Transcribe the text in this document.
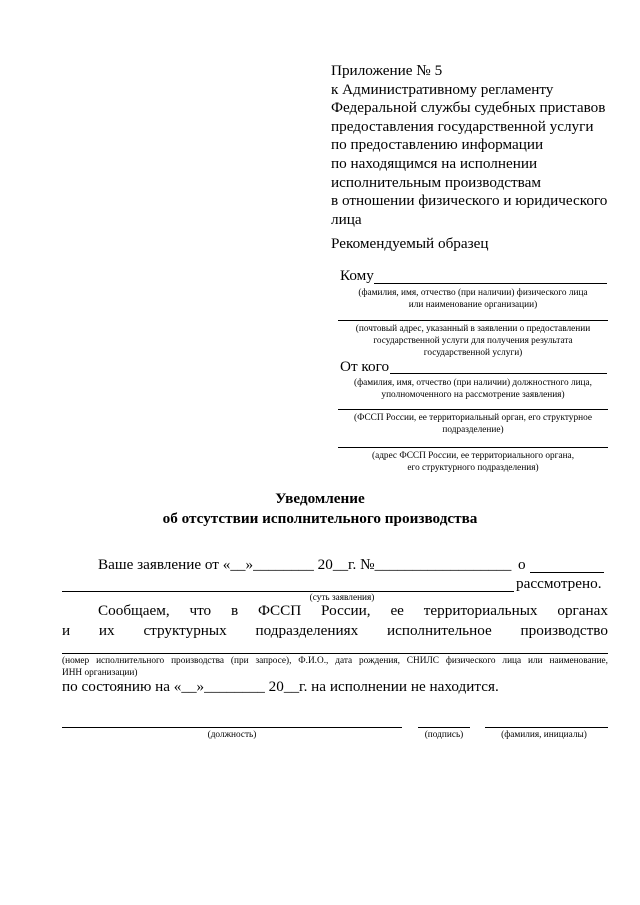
Приложение № 5
к Административному регламенту
Федеральной службы судебных приставов
предоставления государственной услуги
по предоставлению информации
по находящимся на исполнении
исполнительным производствам
в отношении физического и юридического
лица
Рекомендуемый образец
Кому
(фамилия, имя, отчество (при наличии) физического лица
или наименование организации)
(почтовый адрес, указанный в заявлении о предоставлении
государственной услуги для получения результата
государственной услуги)
От кого
(фамилия, имя, отчество (при наличии) должностного лица,
уполномоченного на рассмотрение заявления)
(ФССП России, ее территориальный орган, его структурное
подразделение)
(адрес ФССП России, ее территориального органа,
его структурного подразделения)
Уведомление
об отсутствии исполнительного производства
Ваше заявление от «__»________ 20__г. №__________________ о
рассмотрено.
(суть заявления)
Сообщаем, что в ФССП России, ее территориальных органах
и их структурных подразделениях исполнительное производство
(номер исполнительного производства (при запросе), Ф.И.О., дата рождения, СНИЛС физического лица или наименование,
ИНН организации)
по состоянию на «__»________ 20__г. на исполнении не находится.
(должность)	(подпись)	(фамилия, инициалы)
